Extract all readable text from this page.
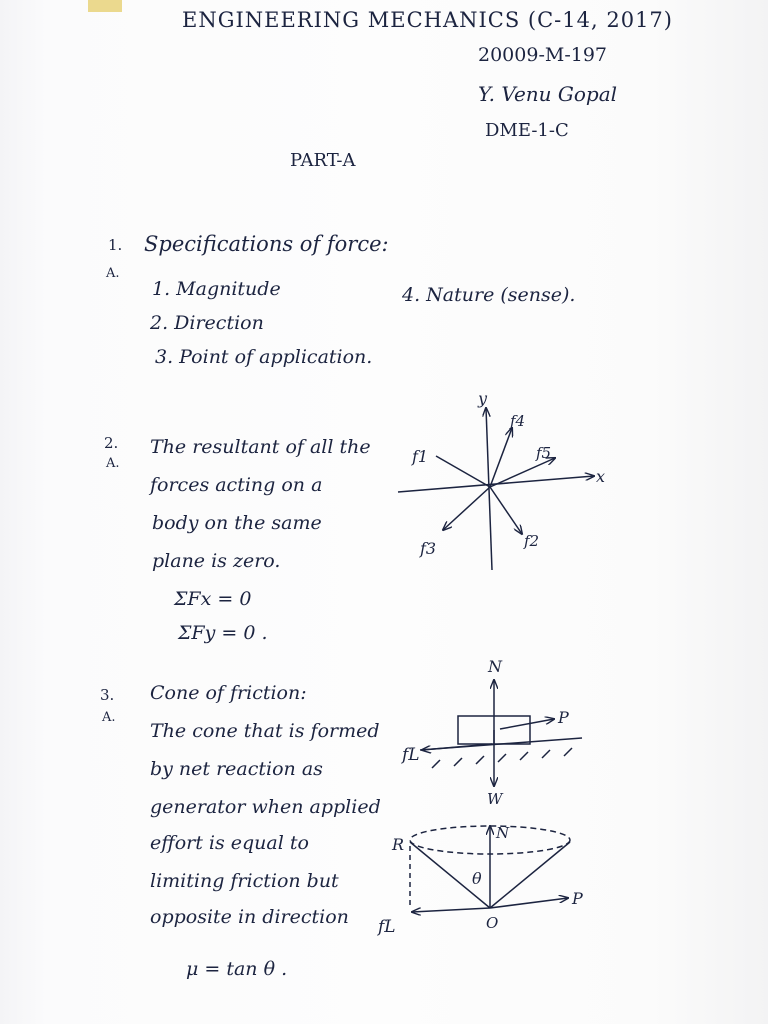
ENGINEERING MECHANICS (C-14, 2017)
20009-M-197
Y. Venu Gopal
DME-1-C
PART-A
1.
A.
Specifications of force:
1. Magnitude
2. Direction
3. Point of application.
4. Nature (sense).
2.
A.
The resultant of all the
forces acting on a
body on the same
plane is zero.
ΣFx = 0
ΣFy = 0 .
3.
A.
Cone of friction:
The cone that is formed
by net reaction as
generator when applied
effort is equal to
limiting friction but
opposite in direction
μ = tan θ .
y
x
f4
f5
f1
f3	f2
N
P
fL
W
R
N
θ
P
O
fL
